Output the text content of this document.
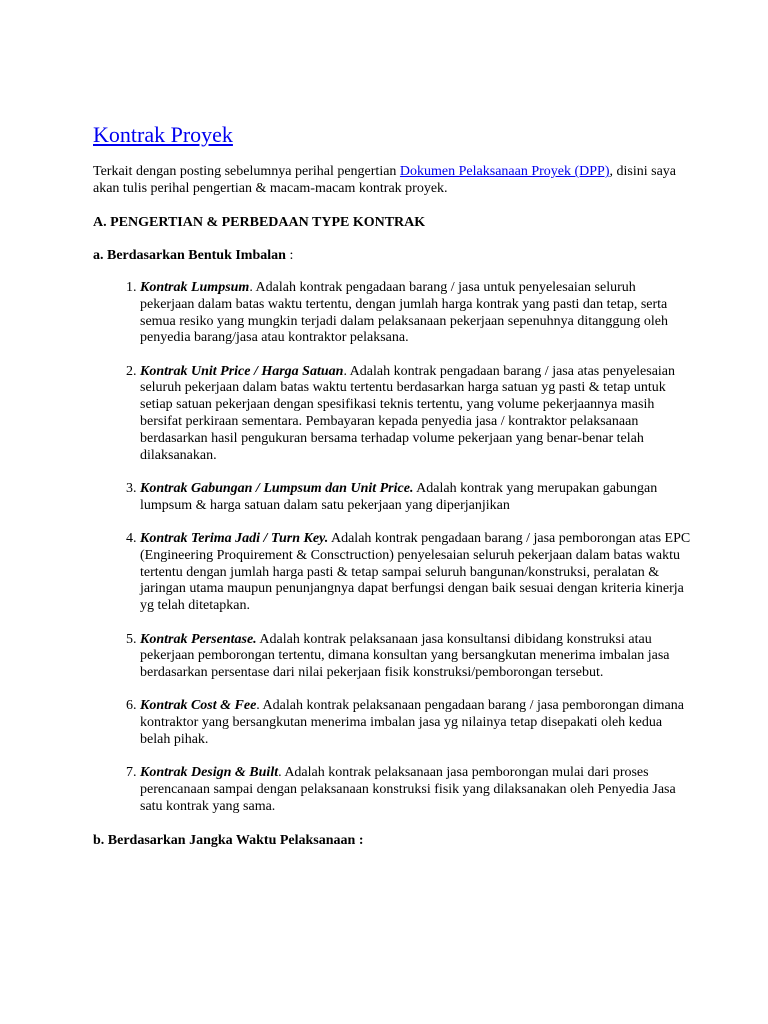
Kontrak Proyek

Terkait dengan posting sebelumnya perihal pengertian Dokumen Pelaksanaan Proyek (DPP), disini saya akan tulis perihal pengertian & macam-macam kontrak proyek.

A. PENGERTIAN & PERBEDAAN TYPE KONTRAK

a. Berdasarkan Bentuk Imbalan :

1. Kontrak Lumpsum. Adalah kontrak pengadaan barang / jasa untuk penyelesaian seluruh pekerjaan dalam batas waktu tertentu, dengan jumlah harga kontrak yang pasti dan tetap, serta semua resiko yang mungkin terjadi dalam pelaksanaan pekerjaan sepenuhnya ditanggung oleh penyedia barang/jasa atau kontraktor pelaksana.
2. Kontrak Unit Price / Harga Satuan. Adalah kontrak pengadaan barang / jasa atas penyelesaian seluruh pekerjaan dalam batas waktu tertentu berdasarkan harga satuan yg pasti & tetap untuk setiap satuan pekerjaan dengan spesifikasi teknis tertentu, yang volume pekerjaannya masih bersifat perkiraan sementara. Pembayaran kepada penyedia jasa / kontraktor pelaksanaan berdasarkan hasil pengukuran bersama terhadap volume pekerjaan yang benar-benar telah dilaksanakan.
3. Kontrak Gabungan / Lumpsum dan Unit Price. Adalah kontrak yang merupakan gabungan lumpsum & harga satuan dalam satu pekerjaan yang diperjanjikan
4. Kontrak Terima Jadi / Turn Key. Adalah kontrak pengadaan barang / jasa pemborongan atas EPC (Engineering Proquirement & Consctruction) penyelesaian seluruh pekerjaan dalam batas waktu tertentu dengan jumlah harga pasti & tetap sampai seluruh bangunan/konstruksi, peralatan & jaringan utama maupun penunjangnya dapat berfungsi dengan baik sesuai dengan kriteria kinerja yg telah ditetapkan.
5. Kontrak Persentase. Adalah kontrak pelaksanaan jasa konsultansi dibidang konstruksi atau pekerjaan pemborongan tertentu, dimana konsultan yang bersangkutan menerima imbalan jasa berdasarkan persentase dari nilai pekerjaan fisik konstruksi/pemborongan tersebut.
6. Kontrak Cost & Fee. Adalah kontrak pelaksanaan pengadaan barang / jasa pemborongan dimana kontraktor yang bersangkutan menerima imbalan jasa yg nilainya tetap disepakati oleh kedua belah pihak.
7. Kontrak Design & Built. Adalah kontrak pelaksanaan jasa pemborongan mulai dari proses perencanaan sampai dengan pelaksanaan konstruksi fisik yang dilaksanakan oleh Penyedia Jasa satu kontrak yang sama.

b. Berdasarkan Jangka Waktu Pelaksanaan :
